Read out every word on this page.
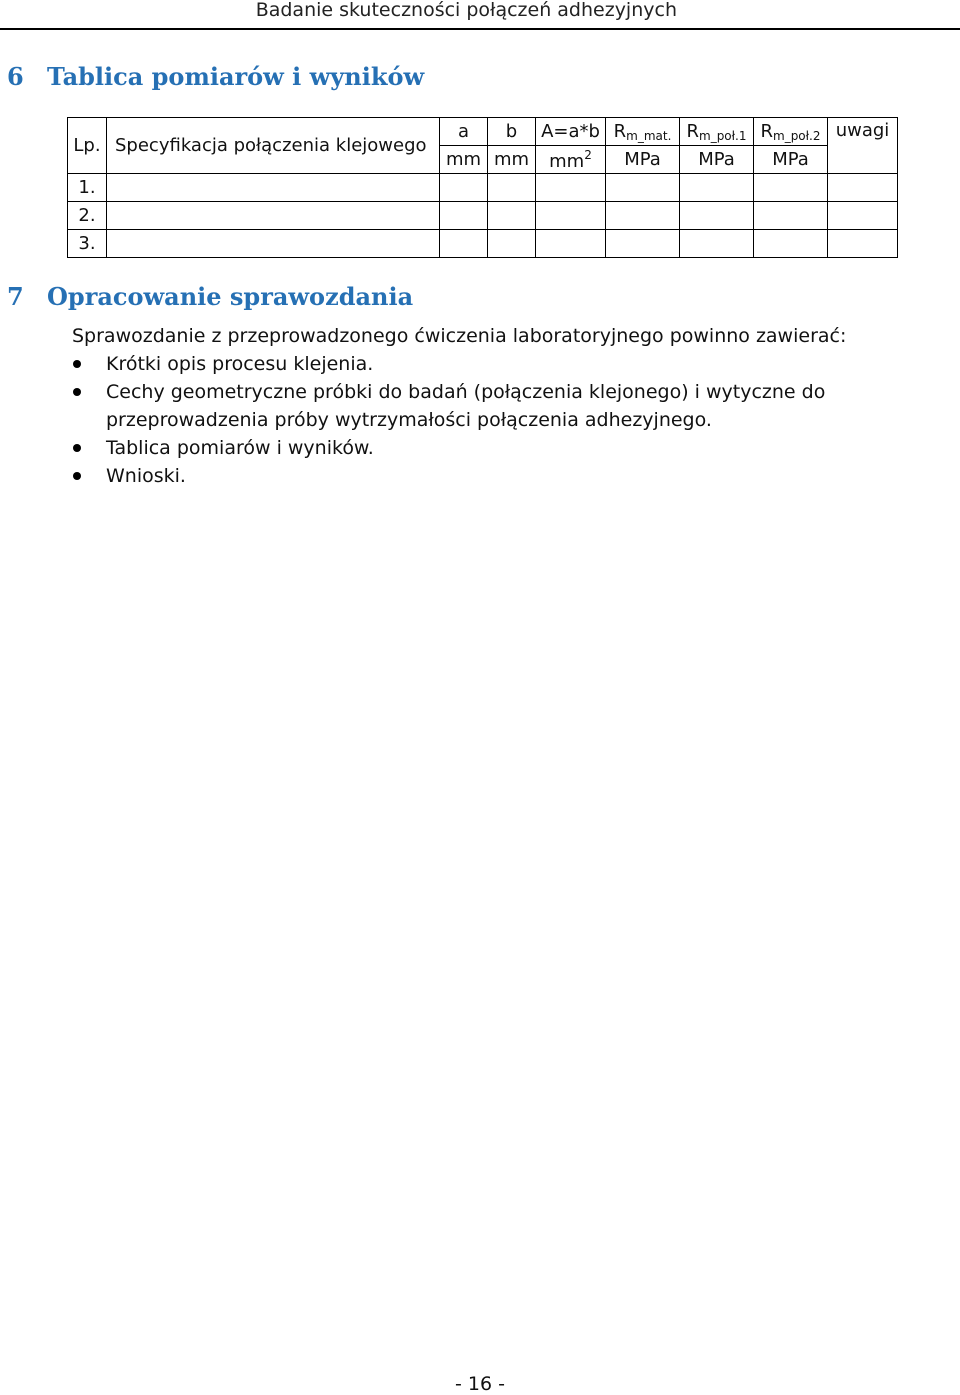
Badanie skuteczności połączeń adhezyjnych
6 Tablica pomiarów i wyników
Lp.	Specyfikacja połączenia klejowego	a	b	A=a*b	$R_{m\_mat.}$	$R_{m\_poł.1}$	$R_{m\_poł.2}$	uwagi
		mm	mm	$mm^2$	MPa	MPa	MPa	
1.								
2.								
3.								
7 Opracowanie sprawozdania

Sprawozdanie z przeprowadzonego ćwiczenia laboratoryjnego powinno zawierać:

Krótki opis procesu klejenia.
Cechy geometryczne próbki do badań (połączenia klejonego) i wytyczne do przeprowadzenia próby wytrzymałości połączenia adhezyjnego.
Tablica pomiarów i wyników.
Wnioski.
- 16 -
